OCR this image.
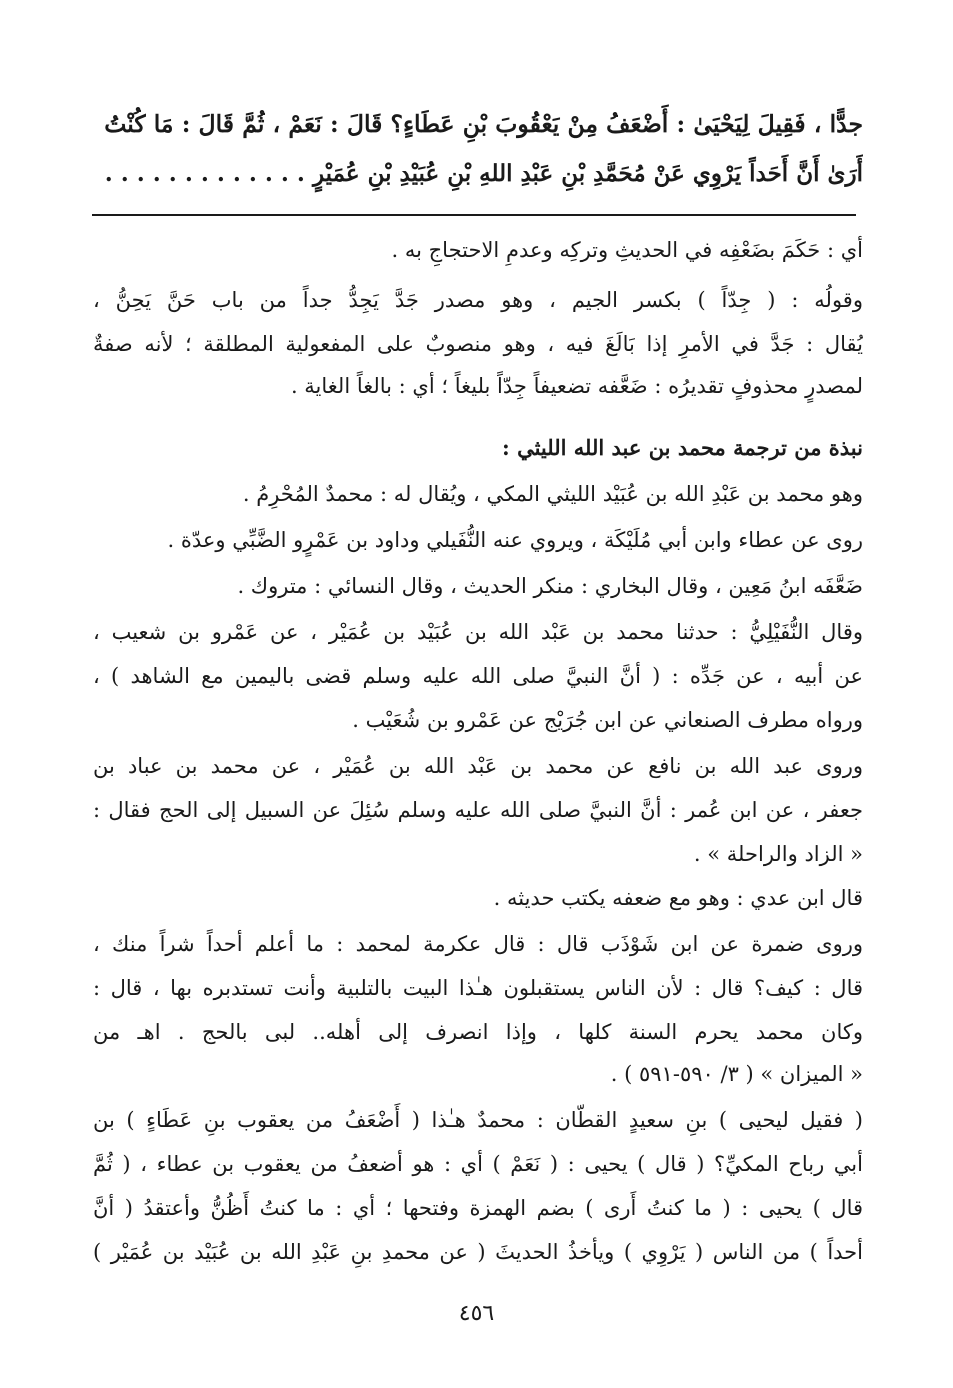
جدًّا ، فَقِيلَ لِيَحْيَىٰ : أَضْعَفُ مِنْ يَعْقُوبَ بْنِ عَطَاءٍ؟ قَالَ : نَعَمْ ، ثُمَّ قَالَ : مَا كُنْتُ
أَرَىٰ أَنَّ أَحَداً يَرْوِي عَنْ مُحَمَّدِ بْنِ عَبْدِ اللهِ بْنِ عُبَيْدِ بْنِ عُمَيْرٍ . . . . . . . . . . . . .
أي : حَكَمَ بضَعْفِه في الحديثِ وتركِه وعدمِ الاحتجاجِ به .
وقولُه : ( جِدّاً ) بكسر الجيم ، وهو مصدر جَدَّ يَجِدُّ جداً من باب حَنَّ يَحِنُّ ،
يُقال : جَدَّ في الأمرِ إذا بَالَغَ فيه ، وهو منصوبٌ على المفعولية المطلقة ؛ لأنه صفةٌ
لمصدرٍ محذوفٍ تقديرُه : ضَعَّفه تضعيفاً جِدّاً بليغاً ؛ أي : بالغاً الغاية .
نبذة من ترجمة محمد بن عبد الله الليثي :
وهو محمد بن عَبْدِ الله بن عُبَيْد الليثي المكي ، ويُقال له : محمدٌ المُحْرِمُ .
روى عن عطاء وابن أبي مُلَيْكَة ، ويروي عنه النُّفَيلي وداود بن عَمْرٍو الضَّبِّي وعدّة .
ضَعَّفَه ابنُ مَعِين ، وقال البخاري : منكر الحديث ، وقال النسائي : متروك .
وقال النُّفَيْلِيُّ : حدثنا محمد بن عَبْد الله بن عُبَيْد بن عُمَيْر ، عن عَمْرو بن شعيب ،
عن أبيه ، عن جَدِّه : ( أنَّ النبيَّ صلى الله عليه وسلم قضى باليمين مع الشاهد ) ،
ورواه مطرف الصنعاني عن ابن جُرَيْج عن عَمْرو بن شُعَيْب .
وروى عبد الله بن نافع عن محمد بن عَبْد الله بن عُمَيْر ، عن محمد بن عباد بن
جعفر ، عن ابن عُمر : أنَّ النبيَّ صلى الله عليه وسلم سُئِلَ عن السبيل إلى الحج فقال :
« الزاد والراحلة » .
قال ابن عدي : وهو مع ضعفه يكتب حديثه .
وروى ضمرة عن ابن شَوْذَب قال : قال عكرمة لمحمد : ما أعلم أحداً شراً منك ،
قال : كيف؟ قال : لأن الناس يستقبلون هـٰذا البيت بالتلبية وأنت تستدبره بها ، قال :
وكان محمد يحرم السنة كلها ، وإذا انصرف إلى أهله.. لبى بالحج . اهـ من
« الميزان » ( ٣/ ٥٩٠-٥٩١ ) .
( فقيل ليحيى ) بنِ سعيدٍ القطّان : محمدٌ هـٰذا ( أَضْعَفُ من يعقوب بنِ عَطَاءٍ ) بن
أبي رباح المكيِّ؟ ( قال ) يحيى : ( نَعَمْ ) أي : هو أضعفُ من يعقوب بن عطاء ، ( ثُمَّ
قال ) يحيى : ( ما كنتُ أَرى ) بضم الهمزة وفتحها ؛ أي : ما كنتُ أَظُنُّ وأعتقدُ ( أنَّ
أحداً ) من الناس ( يَرْوِي ) ويأخذُ الحديثَ ( عن محمدِ بنِ عَبْدِ الله بن عُبَيْد بن عُمَيْر )
٤٥٦
